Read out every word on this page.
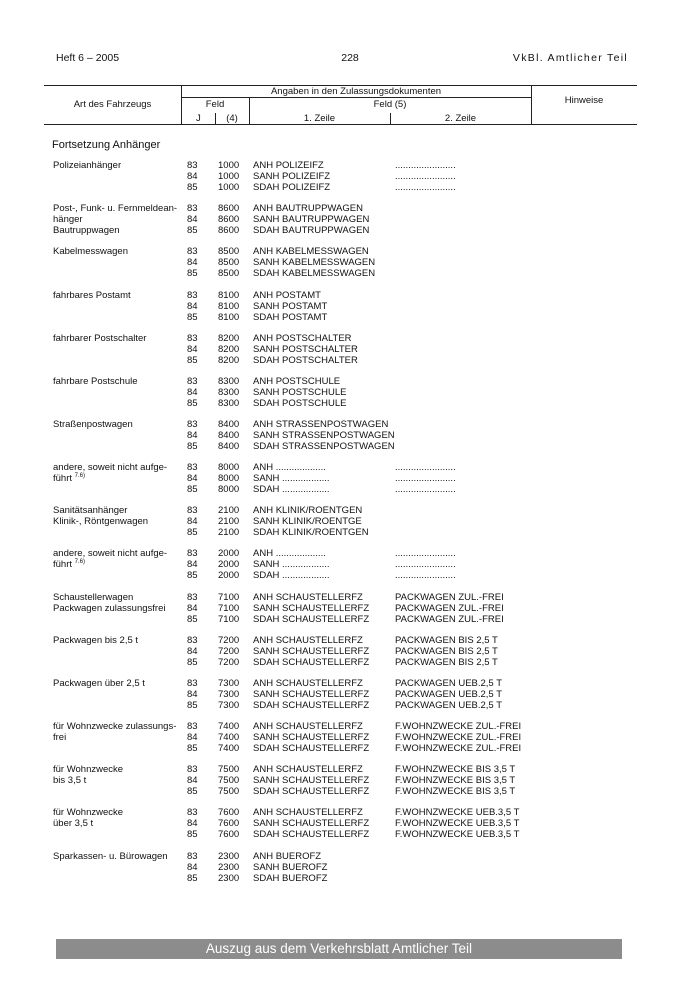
Heft 6 – 2005	228	VkBl. Amtlicher Teil
Art des Fahrzeugs
Angaben in den Zulassungsdokumenten
Feld	Feld (5)
J	(4)	1. Zeile	2. Zeile
Hinweise
Fortsetzung Anhänger
Polizeianhänger	83 1000 ANH POLIZEIFZ	.......................
84 1000 SANH POLIZEIFZ	.......................
85 1000 SDAH POLIZEIFZ	.......................
Post-, Funk- u. Fernmeldean- 83 8600 ANH BAUTRUPPWAGEN
hänger	84 8600 SANH BAUTRUPPWAGEN
Bautruppwagen	85 8600 SDAH BAUTRUPPWAGEN
Kabelmesswagen	83 8500 ANH KABELMESSWAGEN
84 8500 SANH KABELMESSWAGEN
85 8500 SDAH KABELMESSWAGEN
fahrbares Postamt	83 8100 ANH POSTAMT
84 8100 SANH POSTAMT
85 8100 SDAH POSTAMT
fahrbarer Postschalter	83 8200 ANH POSTSCHALTER
84 8200 SANH POSTSCHALTER
85 8200 SDAH POSTSCHALTER
fahrbare Postschule	83 8300 ANH POSTSCHULE
84 8300 SANH POSTSCHULE
85 8300 SDAH POSTSCHULE
Straßenpostwagen	83 8400 ANH STRASSENPOSTWAGEN
84 8400 SANH STRASSENPOSTWAGEN
85 8400 SDAH STRASSENPOSTWAGEN
andere, soweit nicht aufge- 83 8000 ANH ...................	.......................
führt $^{7.6)}$	84 8000 SANH ..................	.......................
85 8000 SDAH ..................	.......................
Sanitätsanhänger	83 2100 ANH KLINIK/ROENTGEN
Klinik-, Röntgenwagen	84 2100 SANH KLINIK/ROENTGE
85 2100 SDAH KLINIK/ROENTGEN
andere, soweit nicht aufge- 83 2000 ANH ...................	.......................
führt $^{7.6)}$	84 2000 SANH ..................	.......................
85 2000 SDAH ..................	.......................
Schaustellerwagen	83 7100 ANH SCHAUSTELLERFZ	PACKWAGEN ZUL.-FREI
Packwagen zulassungsfrei 84 7100 SANH SCHAUSTELLERFZ	PACKWAGEN ZUL.-FREI
85 7100 SDAH SCHAUSTELLERFZ	PACKWAGEN ZUL.-FREI
Packwagen bis 2,5 t	83 7200 ANH SCHAUSTELLERFZ	PACKWAGEN BIS 2,5 T
84 7200 SANH SCHAUSTELLERFZ	PACKWAGEN BIS 2,5 T
85 7200 SDAH SCHAUSTELLERFZ	PACKWAGEN BIS 2,5 T
Packwagen über 2,5 t	83 7300 ANH SCHAUSTELLERFZ	PACKWAGEN UEB.2,5 T
84 7300 SANH SCHAUSTELLERFZ	PACKWAGEN UEB.2,5 T
85 7300 SDAH SCHAUSTELLERFZ	PACKWAGEN UEB.2,5 T
für Wohnzwecke zulassungs- 83 7400 ANH SCHAUSTELLERFZ	F.WOHNZWECKE ZUL.-FREI
frei	84 7400 SANH SCHAUSTELLERFZ	F.WOHNZWECKE ZUL.-FREI
85 7400 SDAH SCHAUSTELLERFZ	F.WOHNZWECKE ZUL.-FREI
für Wohnzwecke	83 7500 ANH SCHAUSTELLERFZ	F.WOHNZWECKE BIS 3,5 T
bis 3,5 t	84 7500 SANH SCHAUSTELLERFZ	F.WOHNZWECKE BIS 3,5 T
85 7500 SDAH SCHAUSTELLERFZ	F.WOHNZWECKE BIS 3,5 T
für Wohnzwecke	83 7600 ANH SCHAUSTELLERFZ	F.WOHNZWECKE UEB.3,5 T
über 3,5 t	84 7600 SANH SCHAUSTELLERFZ	F.WOHNZWECKE UEB.3,5 T
85 7600 SDAH SCHAUSTELLERFZ	F.WOHNZWECKE UEB.3,5 T
Sparkassen- u. Bürowagen 83 2300 ANH BUEROFZ
84 2300 SANH BUEROFZ
85 2300 SDAH BUEROFZ
Auszug aus dem Verkehrsblatt Amtlicher Teil
